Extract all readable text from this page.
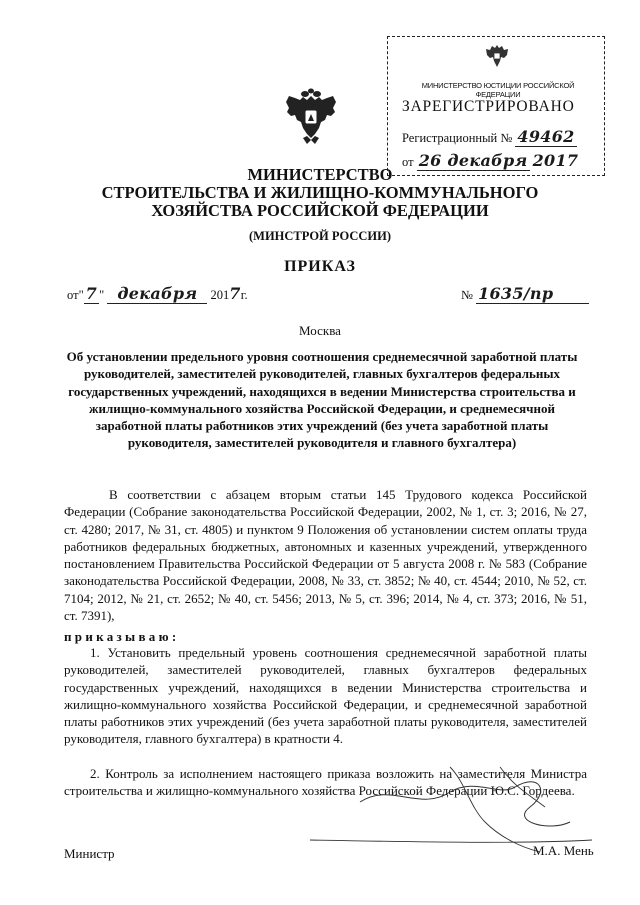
МИНИСТЕРСТВО ЮСТИЦИИ РОССИЙСКОЙ ФЕДЕРАЦИИ
ЗАРЕГИСТРИРОВАНО
Регистрационный № 49462
от 26 декабря 2017
МИНИСТЕРСТВО
СТРОИТЕЛЬСТВА И ЖИЛИЩНО-КОММУНАЛЬНОГО
ХОЗЯЙСТВА РОССИЙСКОЙ ФЕДЕРАЦИИ
(МИНСТРОЙ РОССИИ)
ПРИКАЗ
от" 7 " декабря 2017г.	№ 1635/пр
Москва
Об установлении предельного уровня соотношения среднемесячной заработной платы руководителей, заместителей руководителей, главных бухгалтеров федеральных государственных учреждений, находящихся в ведении Министерства строительства и жилищно-коммунального хозяйства Российской Федерации, и среднемесячной заработной платы работников этих учреждений (без учета заработной платы руководителя, заместителей руководителя и главного бухгалтера)
В соответствии с абзацем вторым статьи 145 Трудового кодекса Российской Федерации (Собрание законодательства Российской Федерации, 2002, № 1, ст. 3; 2016, № 27, ст. 4280; 2017, № 31, ст. 4805) и пунктом 9 Положения об установлении систем оплаты труда работников федеральных бюджетных, автономных и казенных учреждений, утвержденного постановлением Правительства Российской Федерации от 5 августа 2008 г. № 583 (Собрание законодательства Российской Федерации, 2008, № 33, ст. 3852; № 40, ст. 4544; 2010, № 52, ст. 7104; 2012, № 21, ст. 2652; № 40, ст. 5456; 2013, № 5, ст. 396; 2014, № 4, ст. 373; 2016, № 51, ст. 7391),
приказываю:
1. Установить предельный уровень соотношения среднемесячной заработной платы руководителей, заместителей руководителей, главных бухгалтеров федеральных государственных учреждений, находящихся в ведении Министерства строительства и жилищно-коммунального хозяйства Российской Федерации, и среднемесячной заработной платы работников этих учреждений (без учета заработной платы руководителя, заместителей руководителя, главного бухгалтера) в кратности 4.
2. Контроль за исполнением настоящего приказа возложить на заместителя Министра строительства и жилищно-коммунального хозяйства Российской Федерации Ю.С. Гордеева.
Министр	М.А. Мень
